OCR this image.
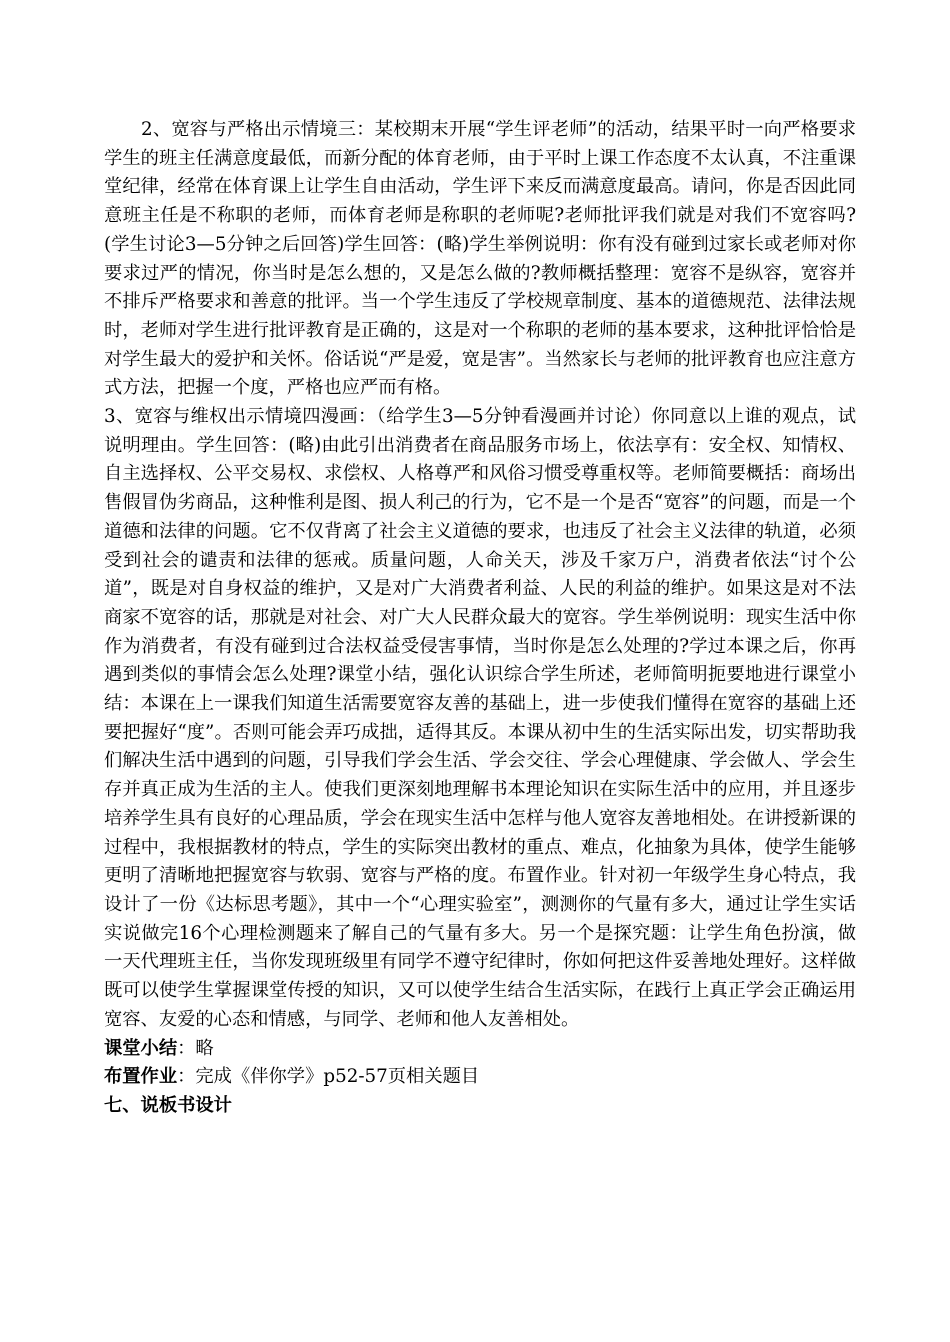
2、宽容与严格出示情境三：某校期末开展“学生评老师”的活动，结果平时一向严格要求学生的班主任满意度最低，而新分配的体育老师，由于平时上课工作态度不太认真，不注重课堂纪律，经常在体育课上让学生自由活动，学生评下来反而满意度最高。请问，你是否因此同意班主任是不称职的老师，而体育老师是称职的老师呢?老师批评我们就是对我们不宽容吗?(学生讨论3—5分钟之后回答)学生回答：(略)学生举例说明：你有没有碰到过家长或老师对你要求过严的情况，你当时是怎么想的，又是怎么做的?教师概括整理：宽容不是纵容，宽容并不排斥严格要求和善意的批评。当一个学生违反了学校规章制度、基本的道德规范、法律法规时，老师对学生进行批评教育是正确的，这是对一个称职的老师的基本要求，这种批评恰恰是对学生最大的爱护和关怀。俗话说“严是爱，宽是害”。当然家长与老师的批评教育也应注意方式方法，把握一个度，严格也应严而有格。

3、宽容与维权出示情境四漫画：（给学生3—5分钟看漫画并讨论）你同意以上谁的观点，试说明理由。学生回答：(略)由此引出消费者在商品服务市场上，依法享有：安全权、知情权、自主选择权、公平交易权、求偿权、人格尊严和风俗习惯受尊重权等。老师简要概括：商场出售假冒伪劣商品，这种惟利是图、损人利己的行为，它不是一个是否“宽容”的问题，而是一个道德和法律的问题。它不仅背离了社会主义道德的要求，也违反了社会主义法律的轨道，必须受到社会的谴责和法律的惩戒。质量问题，人命关天，涉及千家万户，消费者依法“讨个公道”，既是对自身权益的维护，又是对广大消费者利益、人民的利益的维护。如果这是对不法商家不宽容的话，那就是对社会、对广大人民群众最大的宽容。学生举例说明：现实生活中你作为消费者，有没有碰到过合法权益受侵害事情，当时你是怎么处理的?学过本课之后，你再遇到类似的事情会怎么处理?课堂小结，强化认识综合学生所述，老师简明扼要地进行课堂小结：本课在上一课我们知道生活需要宽容友善的基础上，进一步使我们懂得在宽容的基础上还要把握好“度”。否则可能会弄巧成拙，适得其反。本课从初中生的生活实际出发，切实帮助我们解决生活中遇到的问题，引导我们学会生活、学会交往、学会心理健康、学会做人、学会生存并真正成为生活的主人。使我们更深刻地理解书本理论知识在实际生活中的应用，并且逐步培养学生具有良好的心理品质，学会在现实生活中怎样与他人宽容友善地相处。在讲授新课的过程中，我根据教材的特点，学生的实际突出教材的重点、难点，化抽象为具体，使学生能够更明了清晰地把握宽容与软弱、宽容与严格的度。布置作业。针对初一年级学生身心特点，我设计了一份《达标思考题》，其中一个“心理实验室”，测测你的气量有多大，通过让学生实话实说做完16个心理检测题来了解自己的气量有多大。另一个是探究题：让学生角色扮演，做一天代理班主任，当你发现班级里有同学不遵守纪律时，你如何把这件妥善地处理好。这样做既可以使学生掌握课堂传授的知识，又可以使学生结合生活实际，在践行上真正学会正确运用宽容、友爱的心态和情感，与同学、老师和他人友善相处。

课堂小结：略
布置作业：完成《伴你学》p52-57页相关题目
七、说板书设计
